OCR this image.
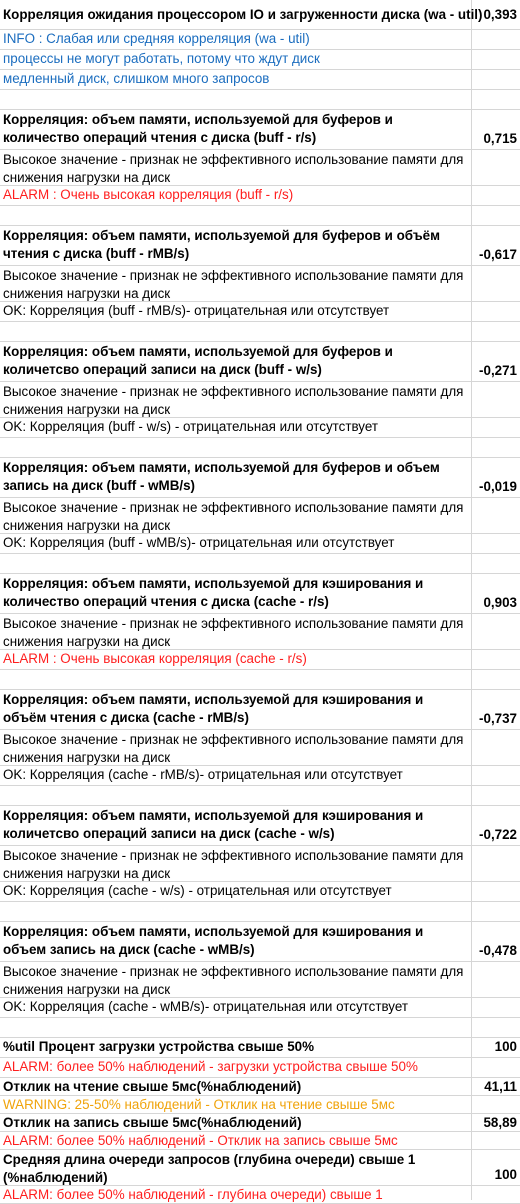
Корреляция ожидания процессором IO и загруженности диска (wa - util) 0,393
INFO : Слабая или средняя корреляция (wa - util)
процессы не могут работать, потому что ждут диск
медленный диск, слишком много запросов
Корреляция: объем памяти, используемой для буферов и количество операций чтения с диска (buff - r/s)	0,715
Высокое значение - признак не эффективного использование памяти для снижения нагрузки на диск
ALARM : Очень высокая корреляция (buff - r/s)
Корреляция: объем памяти, используемой для буферов и объём чтения с диска (buff - rMB/s)	-0,617
Высокое значение - признак не эффективного использование памяти для снижения нагрузки на диск
OK: Корреляция (buff - rMB/s)- отрицательная или отсутствует
Корреляция: объем памяти, используемой для буферов и количетсво операций записи на диск (buff - w/s)	-0,271
Высокое значение - признак не эффективного использование памяти для снижения нагрузки на диск
OK: Корреляция (buff - w/s) - отрицательная или отсутствует
Корреляция: объем памяти, используемой для буферов и объем запись на диск (buff - wMB/s)	-0,019
Высокое значение - признак не эффективного использование памяти для снижения нагрузки на диск
OK: Корреляция (buff - wMB/s)- отрицательная или отсутствует
Корреляция: объем памяти, используемой для кэширования и количество операций чтения с диска (cache - r/s)	0,903
Высокое значение - признак не эффективного использование памяти для снижения нагрузки на диск
ALARM : Очень высокая корреляция (cache - r/s)
Корреляция: объем памяти, используемой для кэширования и объём чтения с диска (cache - rMB/s)	-0,737
Высокое значение - признак не эффективного использование памяти для снижения нагрузки на диск
OK: Корреляция (cache - rMB/s)- отрицательная или отсутствует
Корреляция: объем памяти, используемой для кэширования и количетсво операций записи на диск (cache - w/s)	-0,722
Высокое значение - признак не эффективного использование памяти для снижения нагрузки на диск
OK: Корреляция (cache - w/s) - отрицательная или отсутствует
Корреляция: объем памяти, используемой для кэширования и объем запись на диск (cache - wMB/s)	-0,478
Высокое значение - признак не эффективного использование памяти для снижения нагрузки на диск
OK: Корреляция (cache - wMB/s)- отрицательная или отсутствует
%util Процент загрузки устройства свыше 50%	100
ALARM: более 50% наблюдений - загрузки устройства свыше 50%
Отклик на чтение свыше 5мс(%наблюдений)	41,11
WARNING: 25-50% наблюдений - Отклик на чтение свыше 5мс
Отклик на запись свыше 5мс(%наблюдений)	58,89
ALARM: более 50% наблюдений - Отклик на запись свыше 5мс
Средняя длина очереди запросов (глубина очереди) свыше 1 (%наблюдений)	100
ALARM: более 50% наблюдений - глубина очереди) свыше 1
